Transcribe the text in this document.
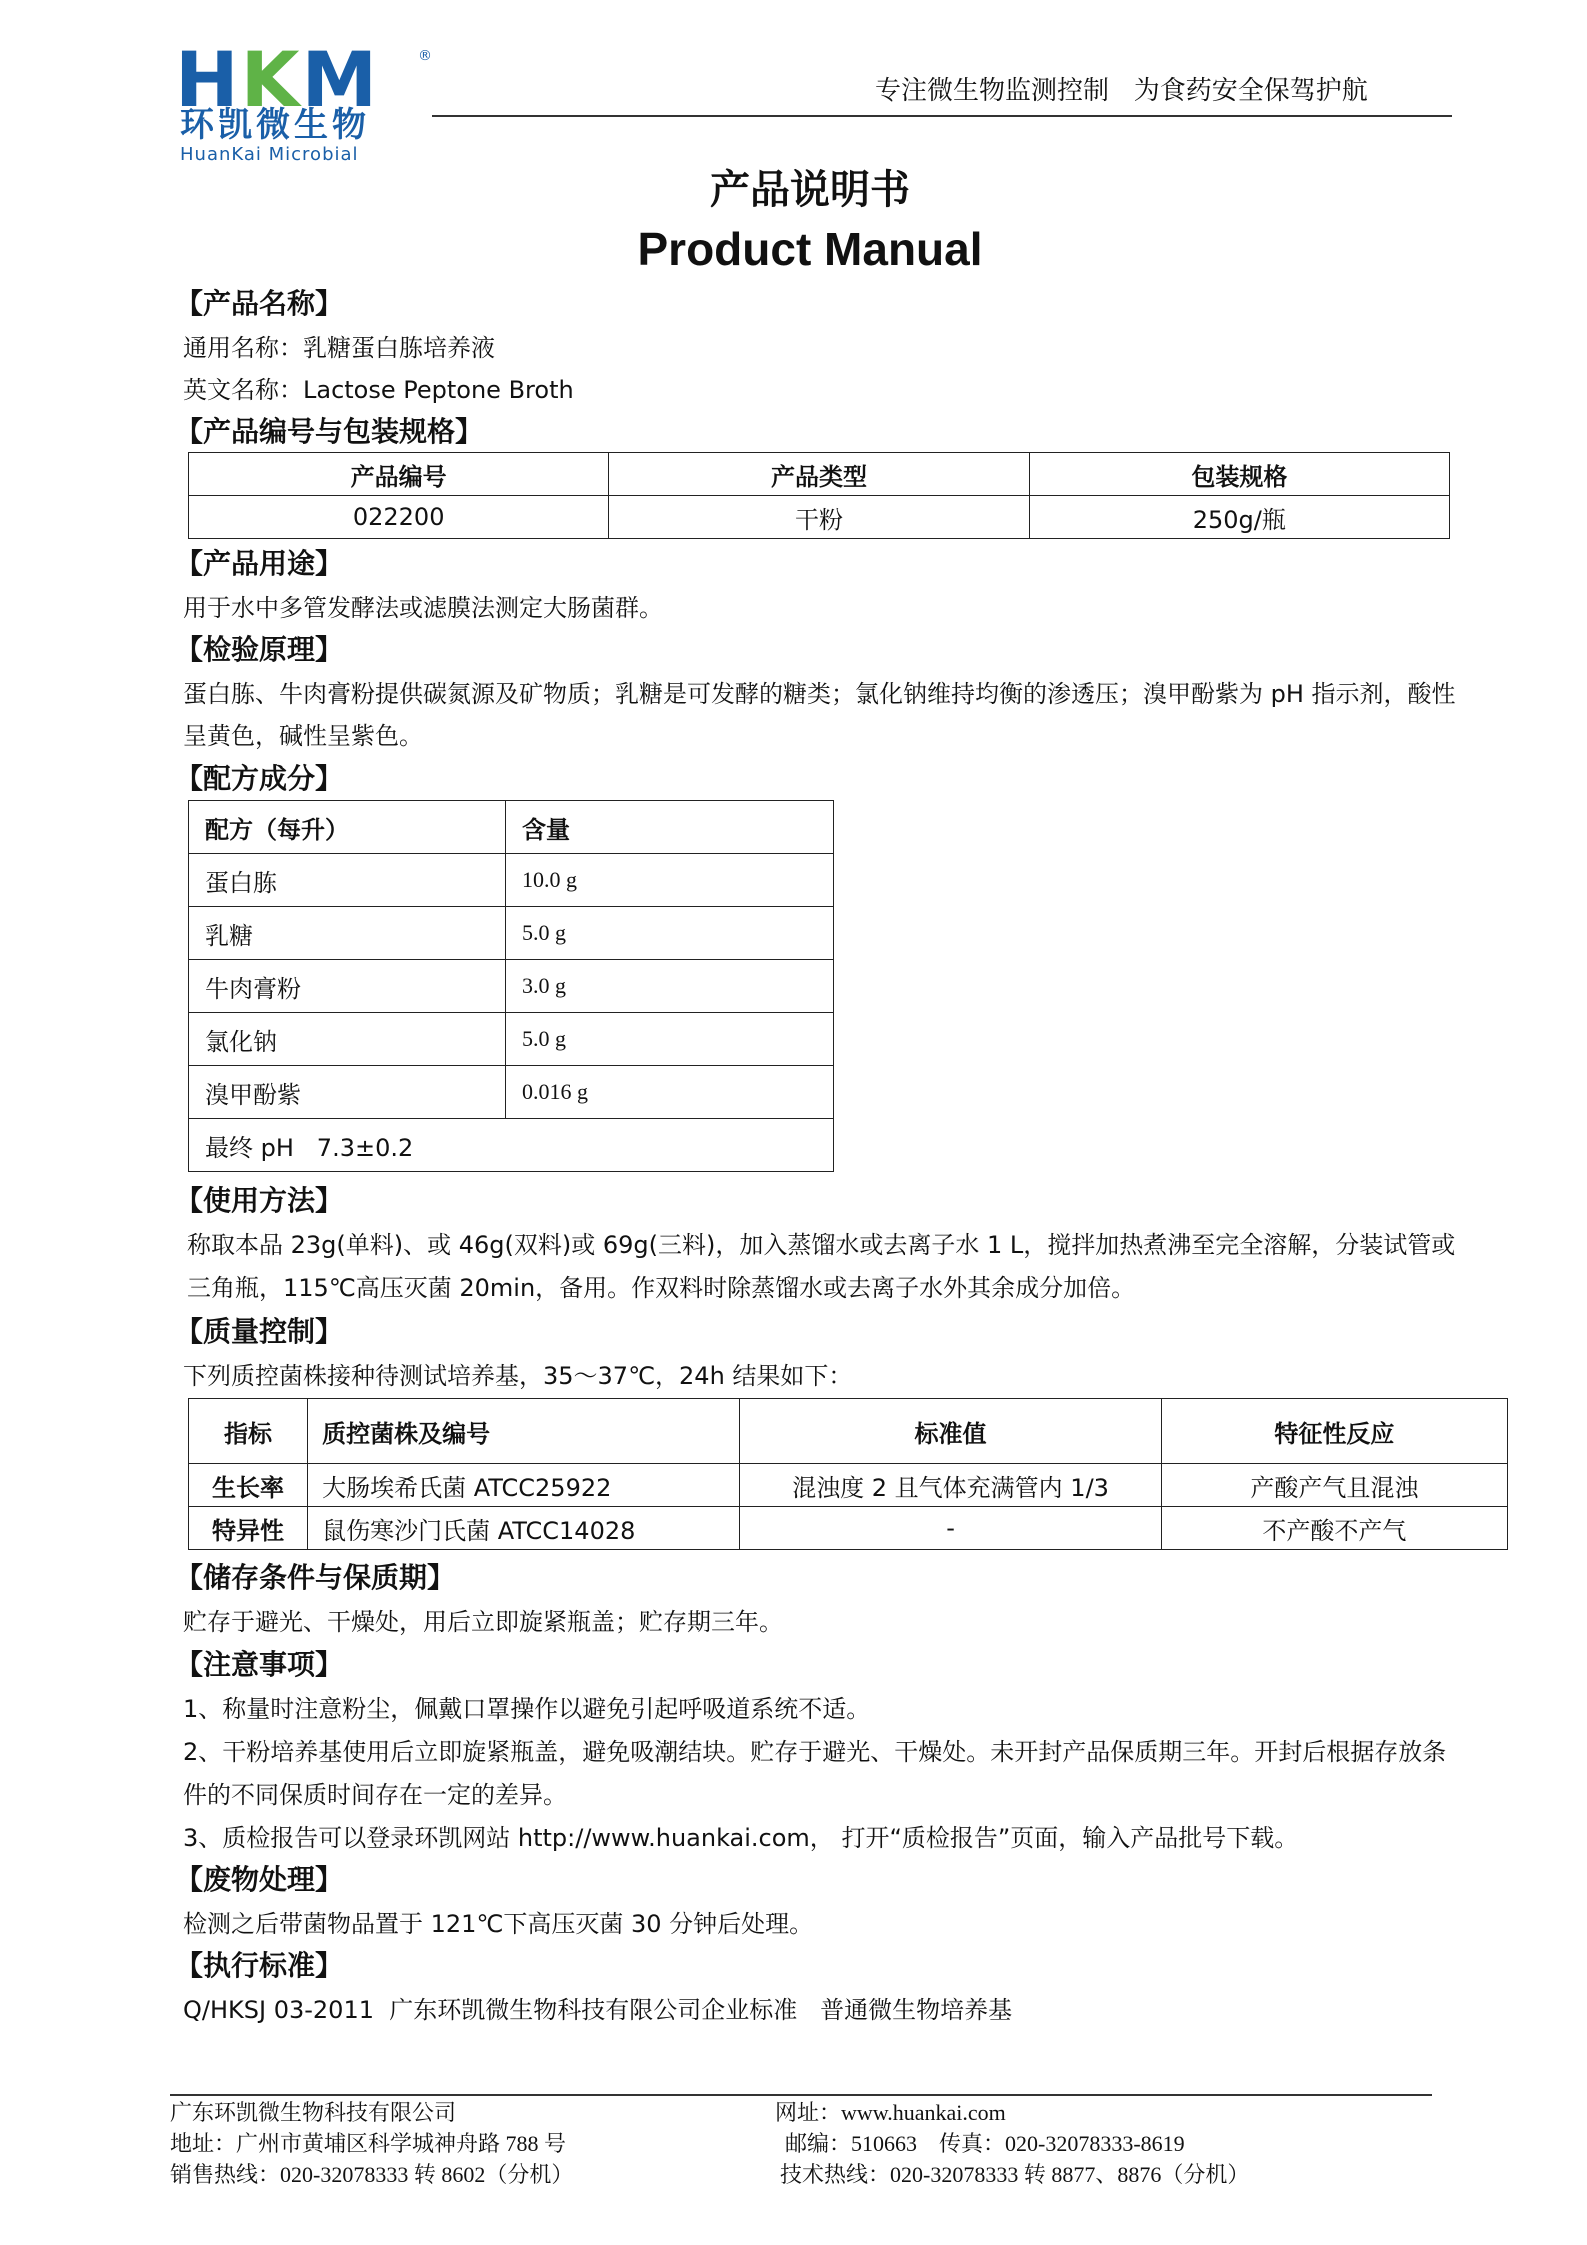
HKM	®
环凯微生物
HuanKai Microbial
专注微生物监测控制   为食药安全保驾护航
产品说明书
Product Manual
【产品名称】
通用名称：乳糖蛋白胨培养液
英文名称：Lactose Peptone Broth
【产品编号与包装规格】
产品编号	产品类型	包装规格
022200	干粉	250g/瓶
【产品用途】
用于水中多管发酵法或滤膜法测定大肠菌群。
【检验原理】
蛋白胨、牛肉膏粉提供碳氮源及矿物质；乳糖是可发酵的糖类；氯化钠维持均衡的渗透压；溴甲酚紫为 pH 指示剂，酸性
呈黄色，碱性呈紫色。
【配方成分】
配方（每升）	含量
蛋白胨	10.0 g
乳糖	5.0 g
牛肉膏粉	3.0 g
氯化钠	5.0 g
溴甲酚紫	0.016 g
最终 pH   7.3±0.2	
【使用方法】
称取本品 23g(单料)、或 46g(双料)或 69g(三料)，加入蒸馏水或去离子水 1 L，搅拌加热煮沸至完全溶解，分装试管或
三角瓶，115℃高压灭菌 20min，备用。作双料时除蒸馏水或去离子水外其余成分加倍。
【质量控制】
下列质控菌株接种待测试培养基，35～37℃，24h 结果如下：
指标	质控菌株及编号	标准值	特征性反应
生长率	大肠埃希氏菌 ATCC25922	混浊度 2 且气体充满管内 1/3	产酸产气且混浊
特异性	鼠伤寒沙门氏菌 ATCC14028	-	不产酸不产气
【储存条件与保质期】
贮存于避光、干燥处，用后立即旋紧瓶盖；贮存期三年。
【注意事项】
1、称量时注意粉尘，佩戴口罩操作以避免引起呼吸道系统不适。
2、干粉培养基使用后立即旋紧瓶盖，避免吸潮结块。贮存于避光、干燥处。未开封产品保质期三年。开封后根据存放条
件的不同保质时间存在一定的差异。
3、质检报告可以登录环凯网站 http://www.huankai.com， 打开“质检报告”页面，输入产品批号下载。
【废物处理】
检测之后带菌物品置于 121℃下高压灭菌 30 分钟后处理。
【执行标准】
Q/HKSJ 03-2011  广东环凯微生物科技有限公司企业标准   普通微生物培养基
广东环凯微生物科技有限公司
地址：广州市黄埔区科学城神舟路 788 号
销售热线：020-32078333 转 8602（分机）
网址：www.huankai.com
邮编：510663    传真：020-32078333-8619
技术热线：020-32078333 转 8877、8876（分机）
